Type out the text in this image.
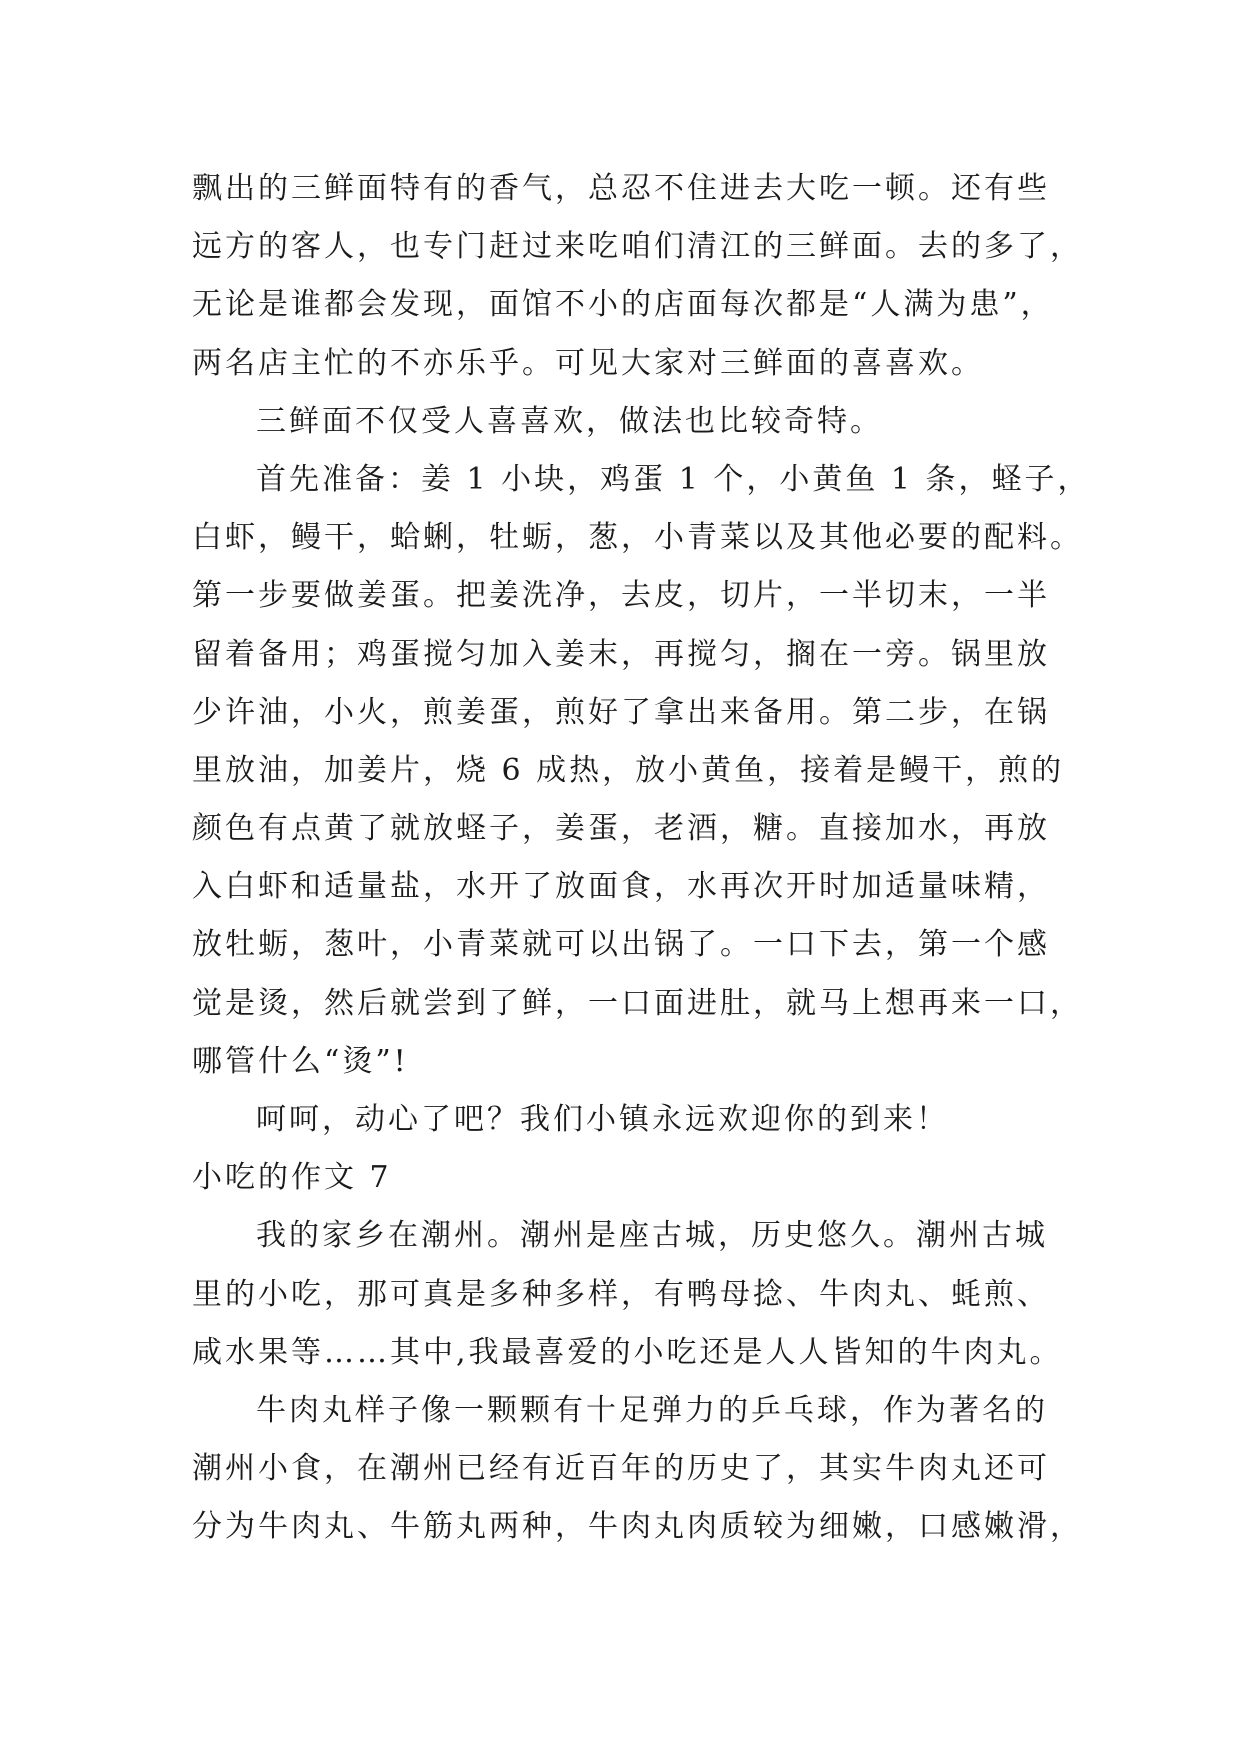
飘出的三鲜面特有的香气，总忍不住进去大吃一顿。还有些
远方的客人，也专门赶过来吃咱们清江的三鲜面。去的多了，
无论是谁都会发现，面馆不小的店面每次都是“人满为患”，
两名店主忙的不亦乐乎。可见大家对三鲜面的喜喜欢。
三鲜面不仅受人喜喜欢，做法也比较奇特。
首先准备：姜 1 小块，鸡蛋 1 个，小黄鱼 1 条，蛏子，
白虾，鳗干，蛤蜊，牡蛎，葱，小青菜以及其他必要的配料。
第一步要做姜蛋。把姜洗净，去皮，切片，一半切末，一半
留着备用；鸡蛋搅匀加入姜末，再搅匀，搁在一旁。锅里放
少许油，小火，煎姜蛋，煎好了拿出来备用。第二步，在锅
里放油，加姜片，烧 6 成热，放小黄鱼，接着是鳗干，煎的
颜色有点黄了就放蛏子，姜蛋，老酒，糖。直接加水，再放
入白虾和适量盐，水开了放面食，水再次开时加适量味精，
放牡蛎，葱叶，小青菜就可以出锅了。一口下去，第一个感
觉是烫，然后就尝到了鲜，一口面进肚，就马上想再来一口，
哪管什么“烫”!
呵呵，动心了吧？我们小镇永远欢迎你的到来！
小吃的作文 7
我的家乡在潮州。潮州是座古城，历史悠久。潮州古城
里的小吃，那可真是多种多样，有鸭母捻、牛肉丸、蚝煎、
咸水果等……其中,我最喜爱的小吃还是人人皆知的牛肉丸。
牛肉丸样子像一颗颗有十足弹力的乒乓球，作为著名的
潮州小食，在潮州已经有近百年的历史了，其实牛肉丸还可
分为牛肉丸、牛筋丸两种，牛肉丸肉质较为细嫩，口感嫩滑，
